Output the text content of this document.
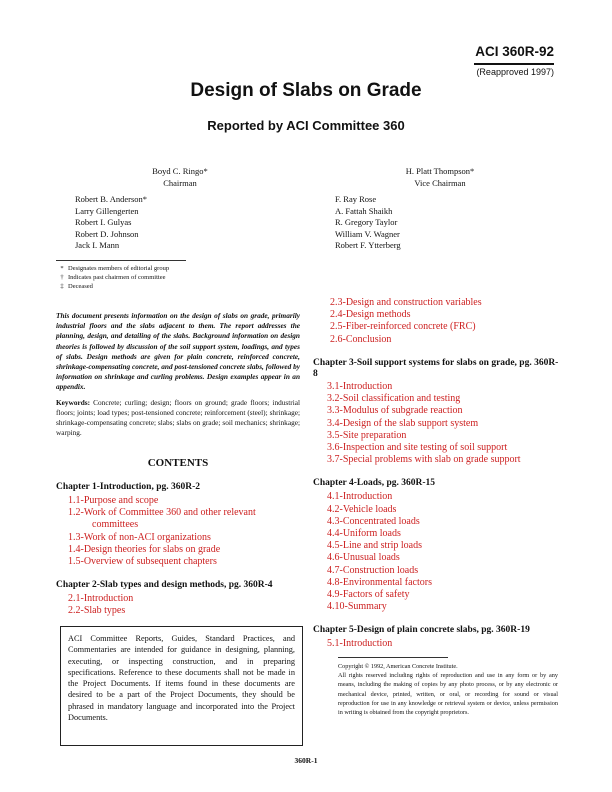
ACI 360R-92
(Reapproved 1997)
Design of Slabs on Grade
Reported by ACI Committee 360
Boyd C. Ringo*
Chairman
H. Platt Thompson*
Vice Chairman
Robert B. Anderson*
Larry Gillengerten
Robert I. Gulyas
Robert D. Johnson
Jack I. Mann
F. Ray Rose
A. Fattah Shaikh
R. Gregory Taylor
William V. Wagner
Robert F. Ytterberg
* Designates members of editorial group
† Indicates past chairmen of committee
‡ Deceased
This document presents information on the design of slabs on grade, primarily industrial floors and the slabs adjacent to them. The report addresses the planning, design, and detailing of the slabs. Background information on design theories is followed by discussion of the soil support system, loadings, and types of slabs. Design methods are given for plain concrete, reinforced concrete, shrinkage-compensating concrete, and post-tensioned concrete slabs, followed by information on shrinkage and curling problems. Design examples appear in an appendix.
Keywords: Concrete; curling; design; floors on ground; grade floors; industrial floors; joints; load types; post-tensioned concrete; reinforcement (steel); shrinkage; shrinkage-compensating concrete; slabs; slabs on grade; soil mechanics; shrinkage; warping.
CONTENTS
Chapter 1-Introduction, pg. 360R-2
1.1-Purpose and scope
1.2-Work of Committee 360 and other relevant
committees
1.3-Work of non-ACI organizations
1.4-Design theories for slabs on grade
1.5-Overview of subsequent chapters
Chapter 2-Slab types and design methods, pg. 360R-4
2.1-Introduction
2.2-Slab types
ACI Committee Reports, Guides, Standard Practices, and Commentaries are intended for guidance in designing, planning, executing, or inspecting construction, and in preparing specifications. Reference to these documents shall not be made in the Project Documents. If items found in these documents are desired to be a part of the Project Documents, they should be phrased in mandatory language and incorporated into the Project Documents.
2.3-Design and construction variables
2.4-Design methods
2.5-Fiber-reinforced concrete (FRC)
2.6-Conclusion
Chapter 3-Soil support systems for slabs on grade, pg. 360R-8
3.1-Introduction
3.2-Soil classification and testing
3.3-Modulus of subgrade reaction
3.4-Design of the slab support system
3.5-Site preparation
3.6-Inspection and site testing of soil support
3.7-Special problems with slab on grade support
Chapter 4-Loads, pg. 360R-15
4.1-Introduction
4.2-Vehicle loads
4.3-Concentrated loads
4.4-Uniform loads
4.5-Line and strip loads
4.6-Unusual loads
4.7-Construction loads
4.8-Environmental factors
4.9-Factors of safety
4.10-Summary
Chapter 5-Design of plain concrete slabs, pg. 360R-19
5.1-Introduction
Copyright © 1992, American Concrete Institute.
All rights reserved including rights of reproduction and use in any form or by any means, including the making of copies by any photo process, or by any electronic or mechanical device, printed, written, or oral, or recording for sound or visual reproduction for use in any knowledge or retrieval system or device, unless permission in writing is obtained from the copyright proprietors.
360R-1
